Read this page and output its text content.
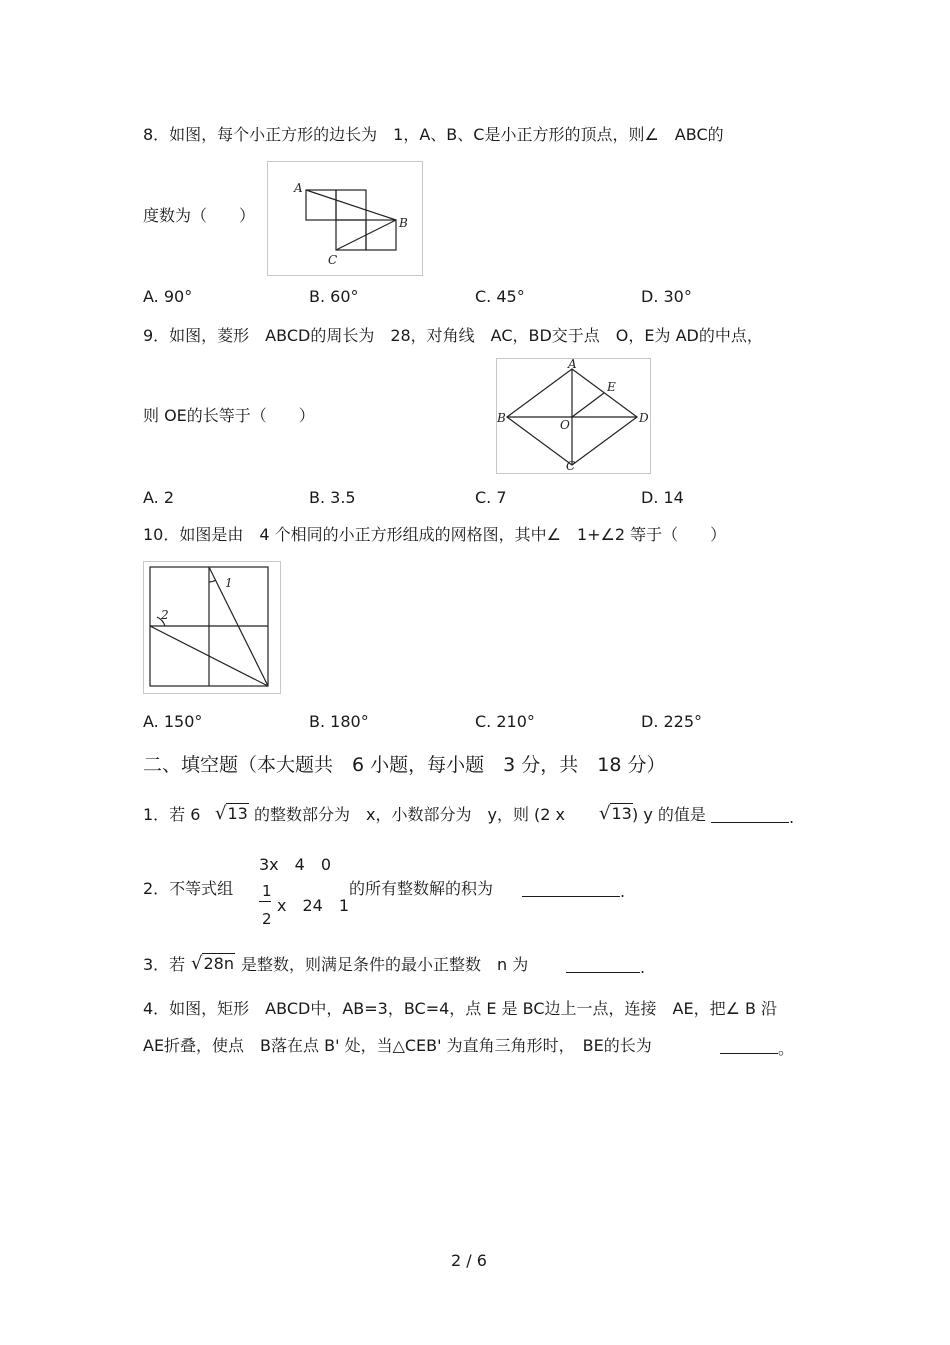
8．如图，每个小正方形的边长为　1，A、B、C是小正方形的顶点，则∠　ABC的
度数为（　　）
A
B
C
A. 90°	B. 60°	C. 45°	D. 30°
9．如图，菱形　ABCD的周长为　28，对角线　AC，BD交于点　O，E为 AD的中点，
则 OE的长等于（　　）
A
B
C
D
E
O
A. 2	B. 3.5	C. 7	D. 14
10．如图是由　4 个相同的小正方形组成的网格图，其中∠　1+∠2 等于（　　）
1
2
A. 150°	B. 180°	C. 210°	D. 225°
二、填空题（本大题共　6 小题，每小题　3 分，共　18 分）
1．若 6 √13 的整数部分为　x，小数部分为　y，则 (2 x √13 ) y 的值是	.
2．不等式组
3x　4　0
1
2
x　24　1
的所有整数解的积为	.
3．若 √28n 是整数，则满足条件的最小正整数　n 为	.
4．如图，矩形　ABCD中，AB=3，BC=4，点 E 是 BC边上一点，连接　AE，把∠ B 沿
AE折叠，使点　B落在点 B' 处，当△CEB' 为直角三角形时，　BE的长为	。
2 / 6
